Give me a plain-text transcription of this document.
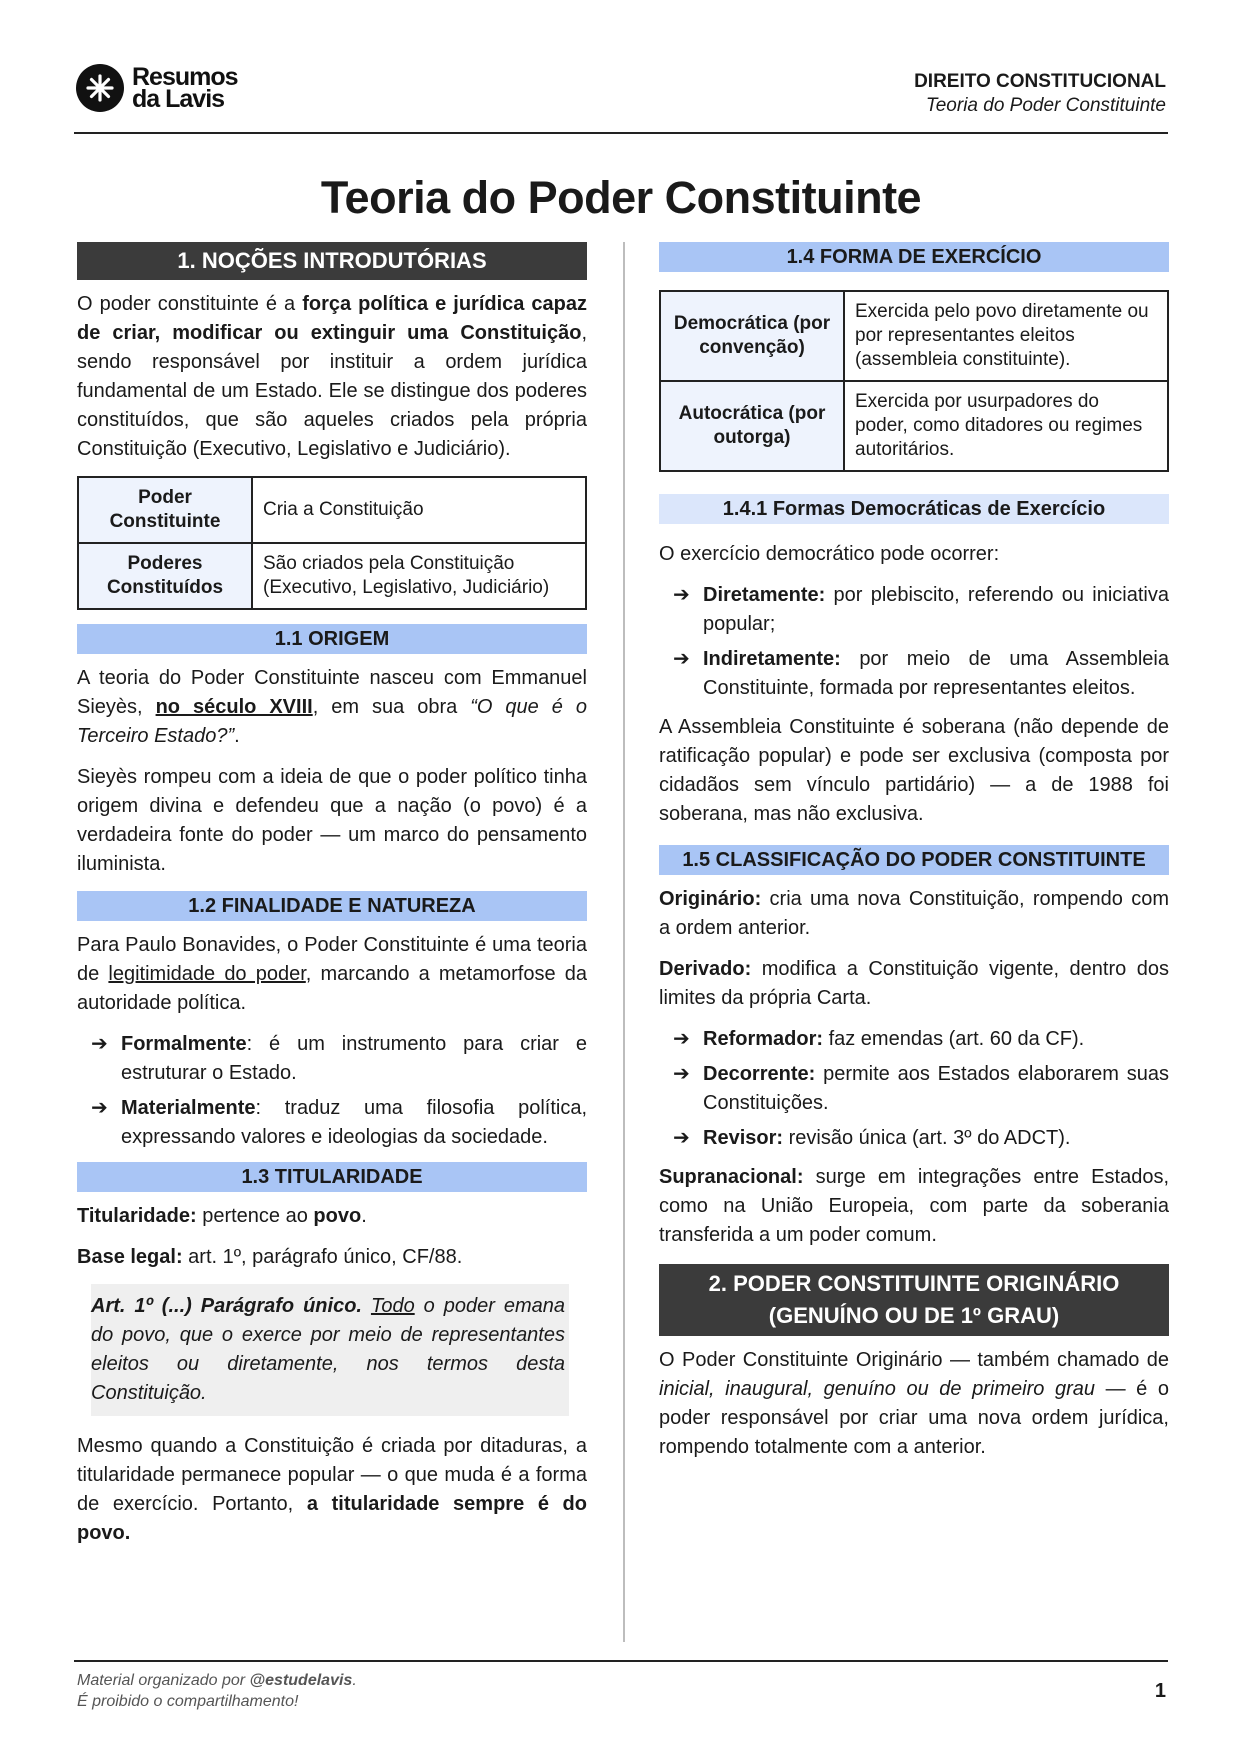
Resumos
da Lavis
DIREITO CONSTITUCIONAL
Teoria do Poder Constituinte
Teoria do Poder Constituinte
1. NOÇÕES INTRODUTÓRIAS

O poder constituinte é a força política e jurídica capaz de criar, modificar ou extinguir uma Constituição, sendo responsável por instituir a ordem jurídica fundamental de um Estado. Ele se distingue dos poderes constituídos, que são aqueles criados pela própria Constituição (Executivo, Legislativo e Judiciário).

Poder Constituinte	Cria a Constituição
Poderes Constituídos	São criados pela Constituição (Executivo, Legislativo, Judiciário)
1.1 ORIGEM

A teoria do Poder Constituinte nasceu com Emmanuel Sieyès, no século XVIII, em sua obra “O que é o Terceiro Estado?”.

Sieyès rompeu com a ideia de que o poder político tinha origem divina e defendeu que a nação (o povo) é a verdadeira fonte do poder — um marco do pensamento iluminista.

1.2 FINALIDADE E NATUREZA

Para Paulo Bonavides, o Poder Constituinte é uma teoria de legitimidade do poder, marcando a metamorfose da autoridade política.

➔ Formalmente: é um instrumento para criar e estruturar o Estado.
➔ Materialmente: traduz uma filosofia política, expressando valores e ideologias da sociedade.
1.3 TITULARIDADE

Titularidade: pertence ao povo.

Base legal: art. 1º, parágrafo único, CF/88.

Art. 1º (...) Parágrafo único. Todo o poder emana do povo, que o exerce por meio de representantes eleitos ou diretamente, nos termos desta Constituição.

Mesmo quando a Constituição é criada por ditaduras, a titularidade permanece popular — o que muda é a forma de exercício. Portanto, a titularidade sempre é do povo.

1.4 FORMA DE EXERCÍCIO
Democrática (por convenção)	Exercida pelo povo diretamente ou por representantes eleitos (assembleia constituinte).
Autocrática (por outorga)	Exercida por usurpadores do poder, como ditadores ou regimes autoritários.
1.4.1 Formas Democráticas de Exercício

O exercício democrático pode ocorrer:

➔ Diretamente: por plebiscito, referendo ou iniciativa popular;
➔ Indiretamente: por meio de uma Assembleia Constituinte, formada por representantes eleitos.

A Assembleia Constituinte é soberana (não depende de ratificação popular) e pode ser exclusiva (composta por cidadãos sem vínculo partidário) — a de 1988 foi soberana, mas não exclusiva.

1.5 CLASSIFICAÇÃO DO PODER CONSTITUINTE

Originário: cria uma nova Constituição, rompendo com a ordem anterior.

Derivado: modifica a Constituição vigente, dentro dos limites da própria Carta.

➔ Reformador: faz emendas (art. 60 da CF).
➔ Decorrente: permite aos Estados elaborarem suas Constituições.
➔ Revisor: revisão única (art. 3º do ADCT).

Supranacional: surge em integrações entre Estados, como na União Europeia, com parte da soberania transferida a um poder comum.

2. PODER CONSTITUINTE ORIGINÁRIO
(GENUÍNO OU DE 1º GRAU)

O Poder Constituinte Originário — também chamado de inicial, inaugural, genuíno ou de primeiro grau — é o poder responsável por criar uma nova ordem jurídica, rompendo totalmente com a anterior.

Material organizado por @estudelavis.
É proibido o compartilhamento!	1
